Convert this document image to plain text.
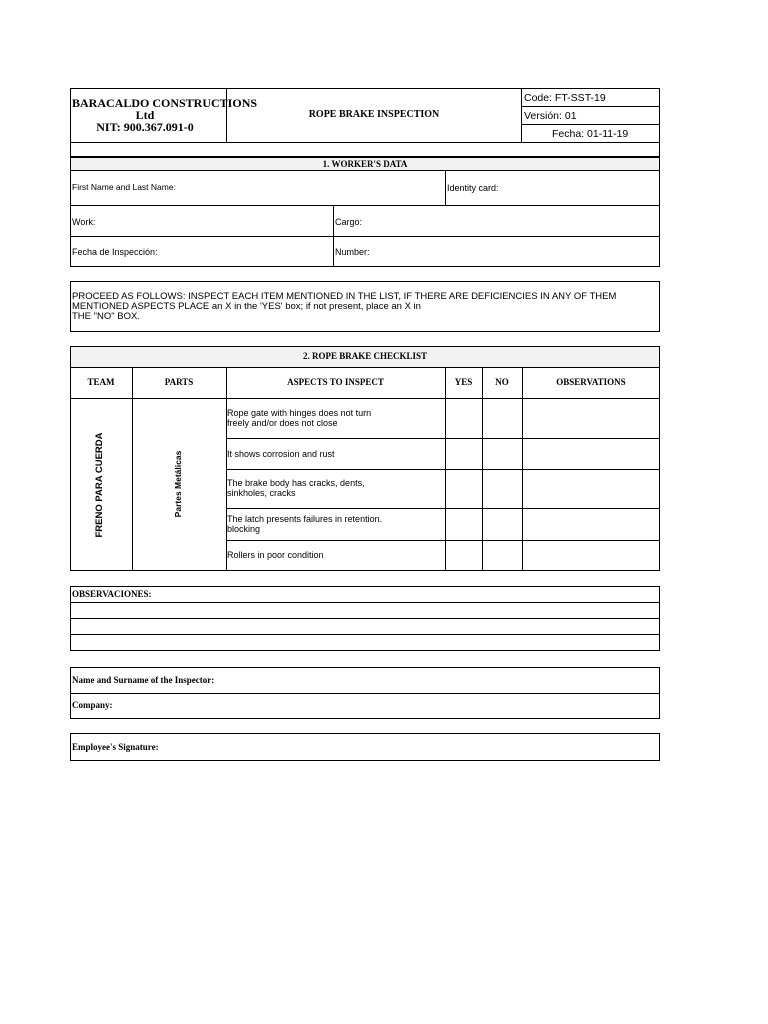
BARACALDO CONSTRUCTIONS
Ltd
NIT: 900.367.091-0
ROPE BRAKE INSPECTION
Code: FT-SST-19
Versión: 01
Fecha: 01-11-19
1. WORKER'S DATA
First Name and Last Name:	Identity card:
Work:	Cargo:
Fecha de Inspección:	Number:
PROCEED AS FOLLOWS: INSPECT EACH ITEM MENTIONED IN THE LIST, IF THERE ARE DEFICIENCIES IN ANY OF THEM
MENTIONED ASPECTS PLACE an X in the 'YES' box; if not present, place an X in
THE "NO" BOX.
2. ROPE BRAKE CHECKLIST
TEAM	PARTS	ASPECTS TO INSPECT	YES	NO	OBSERVATIONS
FRENO PARA CUERDA	Partes Metálicas
Rope gate with hinges does not turn
freely and/or does not close
It shows corrosion and rust
The brake body has cracks, dents,
sinkholes, cracks
The latch presents failures in retention.
blocking
Rollers in poor condition
OBSERVACIONES:
Name and Surname of the Inspector:
Company:
Employee's Signature:
